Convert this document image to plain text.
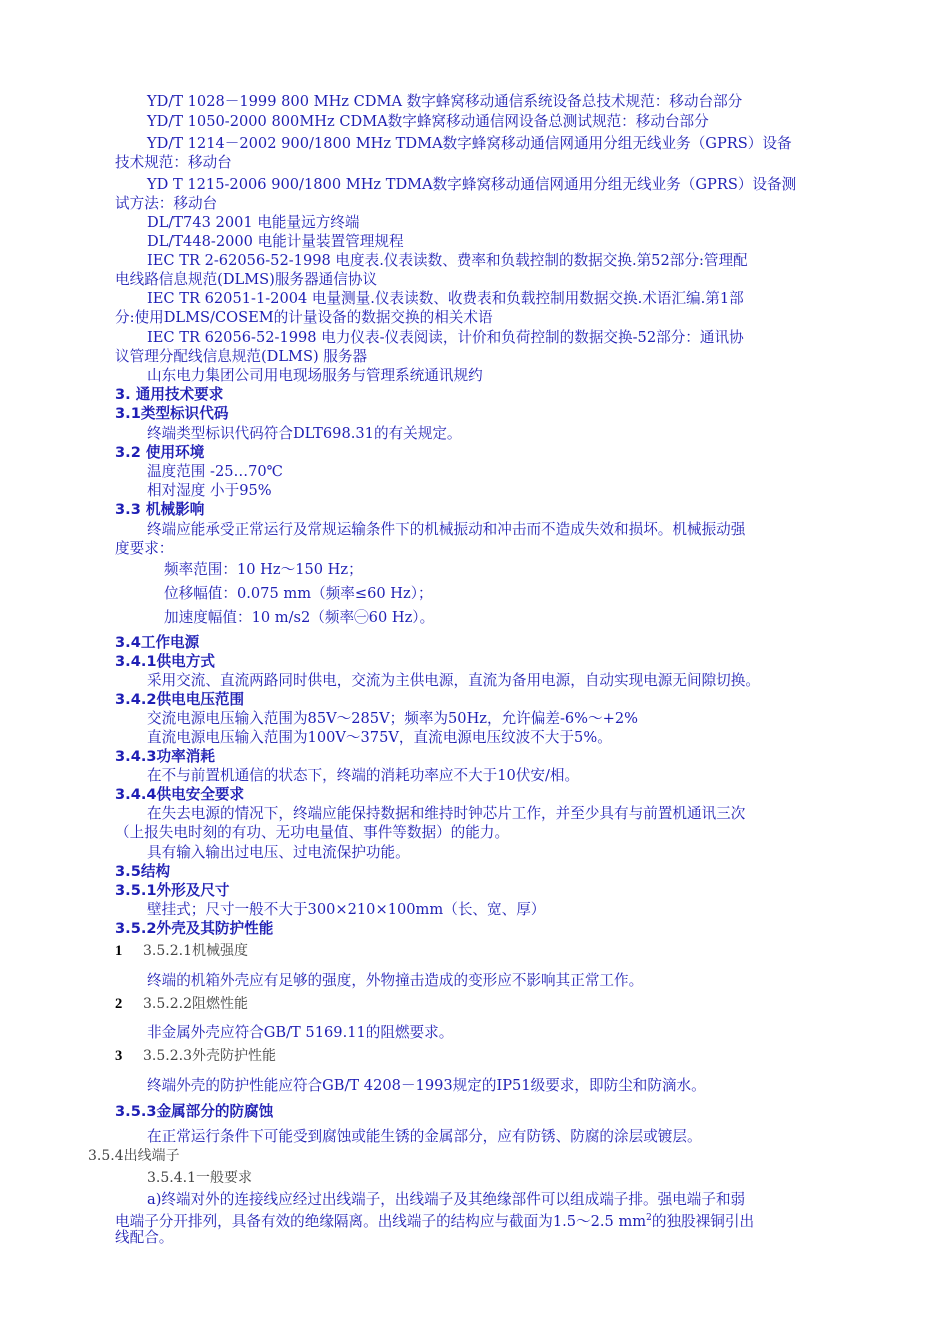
YD/T 1028－1999 800 MHz CDMA 数字蜂窝移动通信系统设备总技术规范：移动台部分
YD/T 1050-2000 800MHz CDMA数字蜂窝移动通信网设备总测试规范：移动台部分
YD/T 1214－2002 900/1800 MHz TDMA数字蜂窝移动通信网通用分组无线业务（GPRS）设备
技术规范：移动台
YD T 1215-2006 900/1800 MHz TDMA数字蜂窝移动通信网通用分组无线业务（GPRS）设备测
试方法：移动台
DL/T743 2001 电能量远方终端
DL/T448-2000 电能计量装置管理规程
IEC TR 2-62056-52-1998 电度表.仪表读数、费率和负载控制的数据交换.第52部分:管理配
电线路信息规范(DLMS)服务器通信协议
IEC TR 62051-1-2004 电量测量.仪表读数、收费表和负载控制用数据交换.术语汇编.第1部
分:使用DLMS/COSEM的计量设备的数据交换的相关术语
IEC TR 62056-52-1998 电力仪表-仪表阅读，计价和负荷控制的数据交换-52部分：通讯协
议管理分配线信息规范(DLMS) 服务器
山东电力集团公司用电现场服务与管理系统通讯规约
3. 通用技术要求
3.1类型标识代码
终端类型标识代码符合DLT698.31的有关规定。
3.2 使用环境
温度范围 -25…70℃
相对湿度 小于95%
3.3 机械影响
终端应能承受正常运行及常规运输条件下的机械振动和冲击而不造成失效和损坏。机械振动强
度要求：
频率范围：10 Hz～150 Hz；
位移幅值：0.075 mm（频率≤60 Hz）；
加速度幅值：10 m/s2（频率㊀60 Hz）。
3.4工作电源
3.4.1供电方式
采用交流、直流两路同时供电，交流为主供电源，直流为备用电源，自动实现电源无间隙切换。
3.4.2供电电压范围
交流电源电压输入范围为85V～285V；频率为50Hz，允许偏差-6%～+2%
直流电源电压输入范围为100V～375V，直流电源电压纹波不大于5%。
3.4.3功率消耗
在不与前置机通信的状态下，终端的消耗功率应不大于10伏安/相。
3.4.4供电安全要求
在失去电源的情况下，终端应能保持数据和维持时钟芯片工作，并至少具有与前置机通讯三次
（上报失电时刻的有功、无功电量值、事件等数据）的能力。
具有输入输出过电压、过电流保护功能。
3.5结构
3.5.1外形及尺寸
壁挂式；尺寸一般不大于300×210×100mm（长、宽、厚）
3.5.2外壳及其防护性能
1 3.5.2.1机械强度
终端的机箱外壳应有足够的强度，外物撞击造成的变形应不影响其正常工作。
2 3.5.2.2阻燃性能
非金属外壳应符合GB/T 5169.11的阻燃要求。
3 3.5.2.3外壳防护性能
终端外壳的防护性能应符合GB/T 4208－1993规定的IP51级要求，即防尘和防滴水。
3.5.3金属部分的防腐蚀
在正常运行条件下可能受到腐蚀或能生锈的金属部分，应有防锈、防腐的涂层或镀层。
3.5.4出线端子
3.5.4.1一般要求
a)终端对外的连接线应经过出线端子，出线端子及其绝缘部件可以组成端子排。强电端子和弱
电端子分开排列，具备有效的绝缘隔离。出线端子的结构应与截面为1.5～2.5 $mm^2$的独股裸铜引出
线配合。
